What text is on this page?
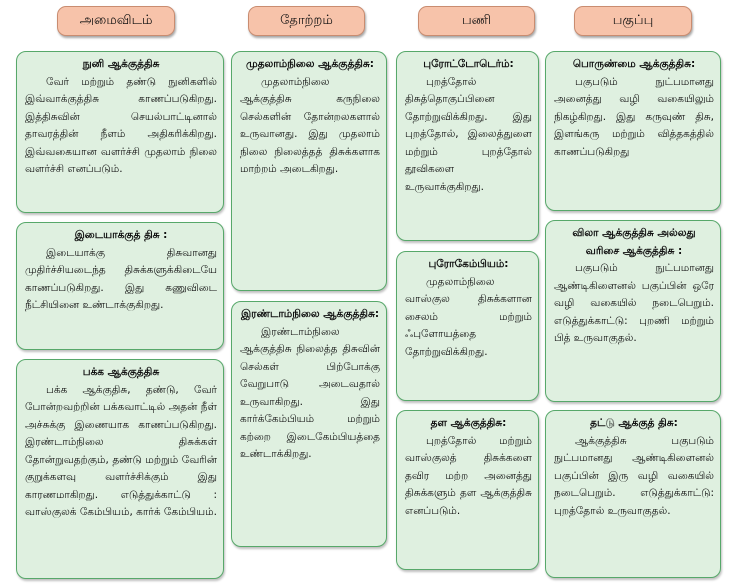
அமைவிடம்	தோற்றம்	பணி	பகுப்பு
நுனி ஆக்குத்திசு
வேர் மற்றும் தண்டு நுனிகளில் இவ்வாக்குத்திசு காணப்படுகிறது. இத்திசுவின் செயல்பாட்டினால் தாவரத்தின் நீளம் அதிகரிக்கிறது. இவ்வகையான வளர்ச்சி முதலாம் நிலை வளர்ச்சி எனப்படும்.
இடையாக்குத் திசு :
இடையாக்கு திசுவானது முதிர்ச்சியடைந்த திசுக்களுக்கிடையே காணப்படுகிறது. இது கணுவிடை நீட்சியினை உண்டாக்குகிறது.
பக்க ஆக்குத்திசு
பக்க ஆக்குதிசு, தண்டு, வேர் போன்றவற்றின் பக்கவாட்டில் அதன் நீள் அச்சுக்கு இணையாக காணப்படுகிறது. இரண்டாம்நிலை திசுக்கள் தோன்றுவதற்கும், தண்டு மற்றும் வேரின் குறுக்களவு வளர்ச்சிக்கும் இது காரணமாகிறது. எடுத்துக்காட்டு : வாஸ்குலக் கேம்பியம், கார்க் கேம்பியம்.
முதலாம்நிலை ஆக்குத்திசு:
முதலாம்நிலை ஆக்குத்திசு கருநிலை செல்களின் தோன்றலகளால் உருவானது. இது முதலாம் நிலை நிலைத்தத் திசுக்களாக மாற்றம் அடைகிறது.
இரண்டாம்நிலை ஆக்குத்திசு:
இரண்டாம்நிலை ஆக்குத்திசு நிலைத்த திசுவின் செல்கள் பிற்போக்கு வேறுபாடு அடைவதால் உருவாகிறது. இது கார்க்கேம்பியம் மற்றும் கற்றை இடைகேம்பியத்தை உண்டாக்கிறது.
புரோட்டோடெர்ம்:
புறத்தோல் திசுத்தொகுப்பினை தோற்றுவிக்கிறது. இது புறத்தோல், இலைத்துளை மற்றும் புறத்தோல் தூவிகளை உருவாக்குகிறது.
புரோகேம்பியம்:
முதலாம்நிலை வாஸ்குல திசுக்களான சைலம் மற்றும் ஃபுளோயத்தை தோற்றுவிக்கிறது.
தள ஆக்குத்திசு:
புறத்தோல் மற்றும் வாஸ்குலத் திசுக்களை தவிர மற்ற அனைத்து திசுக்களும் தள ஆக்குத்திசு எனப்படும்.
பொருண்மை ஆக்குத்திசு:
பகுபடும் நுட்பமானது அனைத்து வழி வகையிலும் நிகழ்கிறது. இது கருவுண் திசு, இளங்கரு மற்றும் வித்தகத்தில் காணப்படுகிறது
விலா ஆக்குத்திசு அல்லது வரிசை ஆக்குத்திசு :
பகுபடும் நுட்பமானது ஆண்டிகிளைனல் பகுப்பின் ஒரே வழி வகையில் நடைபெறும். எடுத்துக்காட்டு: புறணி மற்றும் பித் உருவாகுதல்.
தட்டு ஆக்குத் திசு:
ஆக்குத்திசு பகுபடும் நுட்பமானது ஆண்டிகிளைனல் பகுப்பின் இரு வழி வகையில் நடைபெறும். எடுத்துக்காட்டு: புறத்தோல் உருவாகுதல்.
